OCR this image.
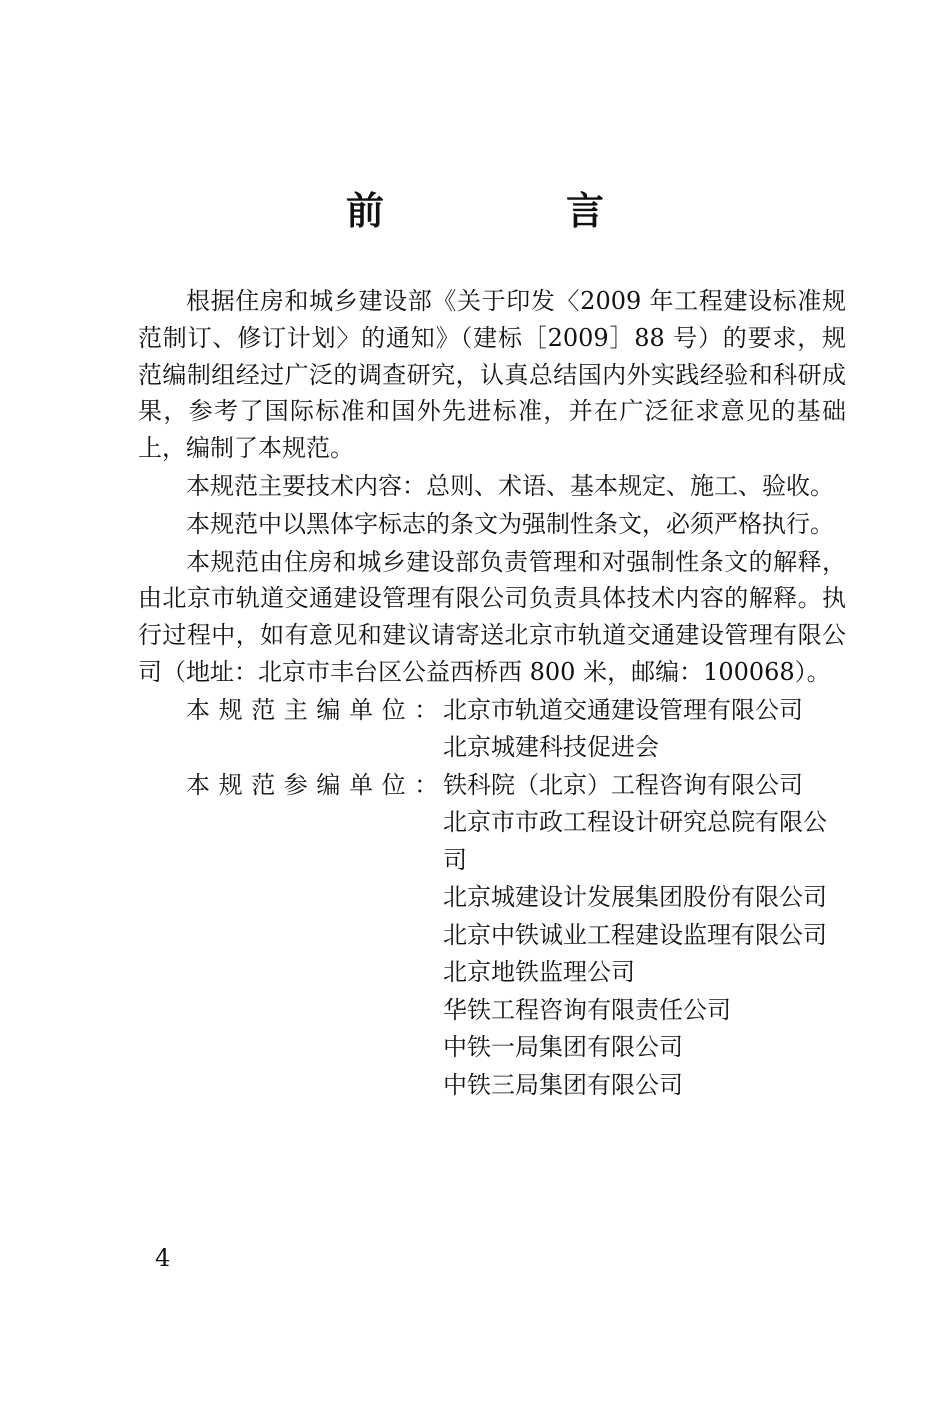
前　言

根据住房和城乡建设部《关于印发〈2009 年工程建设标准规范制订、修订计划〉的通知》（建标［2009］88 号）的要求，规范编制组经过广泛的调查研究，认真总结国内外实践经验和科研成果，参考了国际标准和国外先进标准，并在广泛征求意见的基础上，编制了本规范。

本规范主要技术内容：总则、术语、基本规定、施工、验收。

本规范中以黑体字标志的条文为强制性条文，必须严格执行。

本规范由住房和城乡建设部负责管理和对强制性条文的解释，由北京市轨道交通建设管理有限公司负责具体技术内容的解释。执行过程中，如有意见和建议请寄送北京市轨道交通建设管理有限公司（地址：北京市丰台区公益西桥西 800 米，邮编：100068）。

本规范主编单位：
北京市轨道交通建设管理有限公司
北京城建科技促进会
本规范参编单位：
铁科院（北京）工程咨询有限公司
北京市市政工程设计研究总院有限公司
北京城建设计发展集团股份有限公司
北京中铁诚业工程建设监理有限公司
北京地铁监理公司
华铁工程咨询有限责任公司
中铁一局集团有限公司
中铁三局集团有限公司
4
